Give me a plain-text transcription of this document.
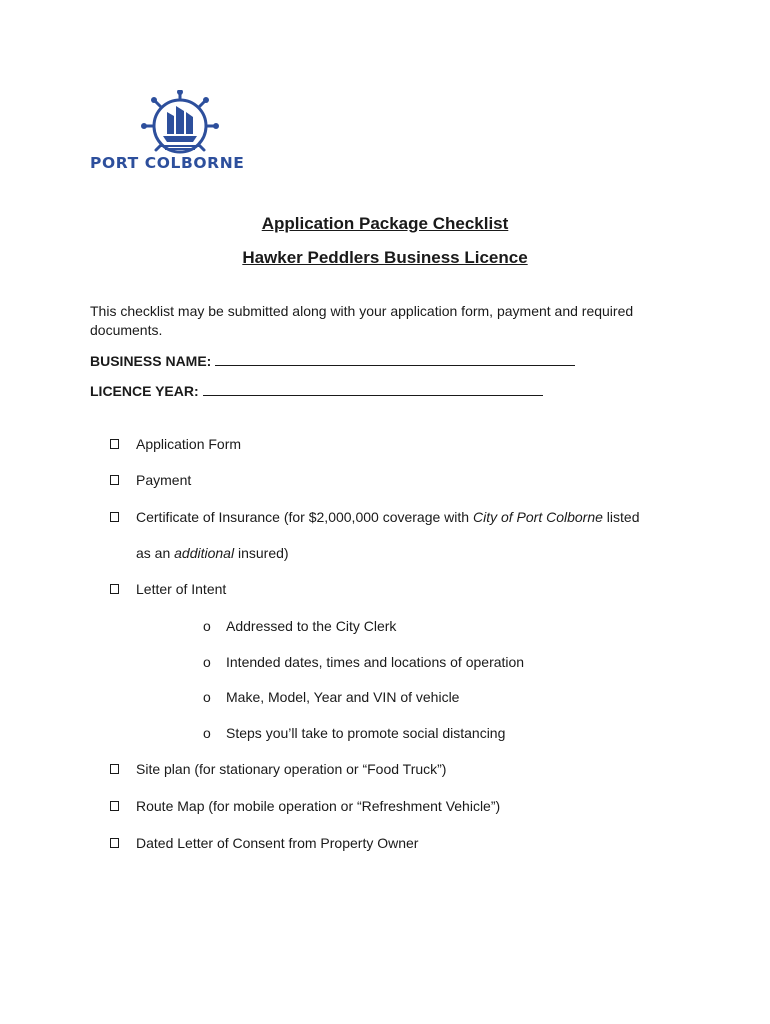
PORT COLBORNE
Application Package Checklist
Hawker Peddlers Business Licence
This checklist may be submitted along with your application form, payment and required documents.
BUSINESS NAME:
LICENCE YEAR:
Application Form
Payment
Certificate of Insurance (for $2,000,000 coverage with City of Port Colborne listed
as an additional insured)
Letter of Intent
o Addressed to the City Clerk
o Intended dates, times and locations of operation
o Make, Model, Year and VIN of vehicle
o Steps you’ll take to promote social distancing
Site plan (for stationary operation or “Food Truck”)
Route Map (for mobile operation or “Refreshment Vehicle”)
Dated Letter of Consent from Property Owner
